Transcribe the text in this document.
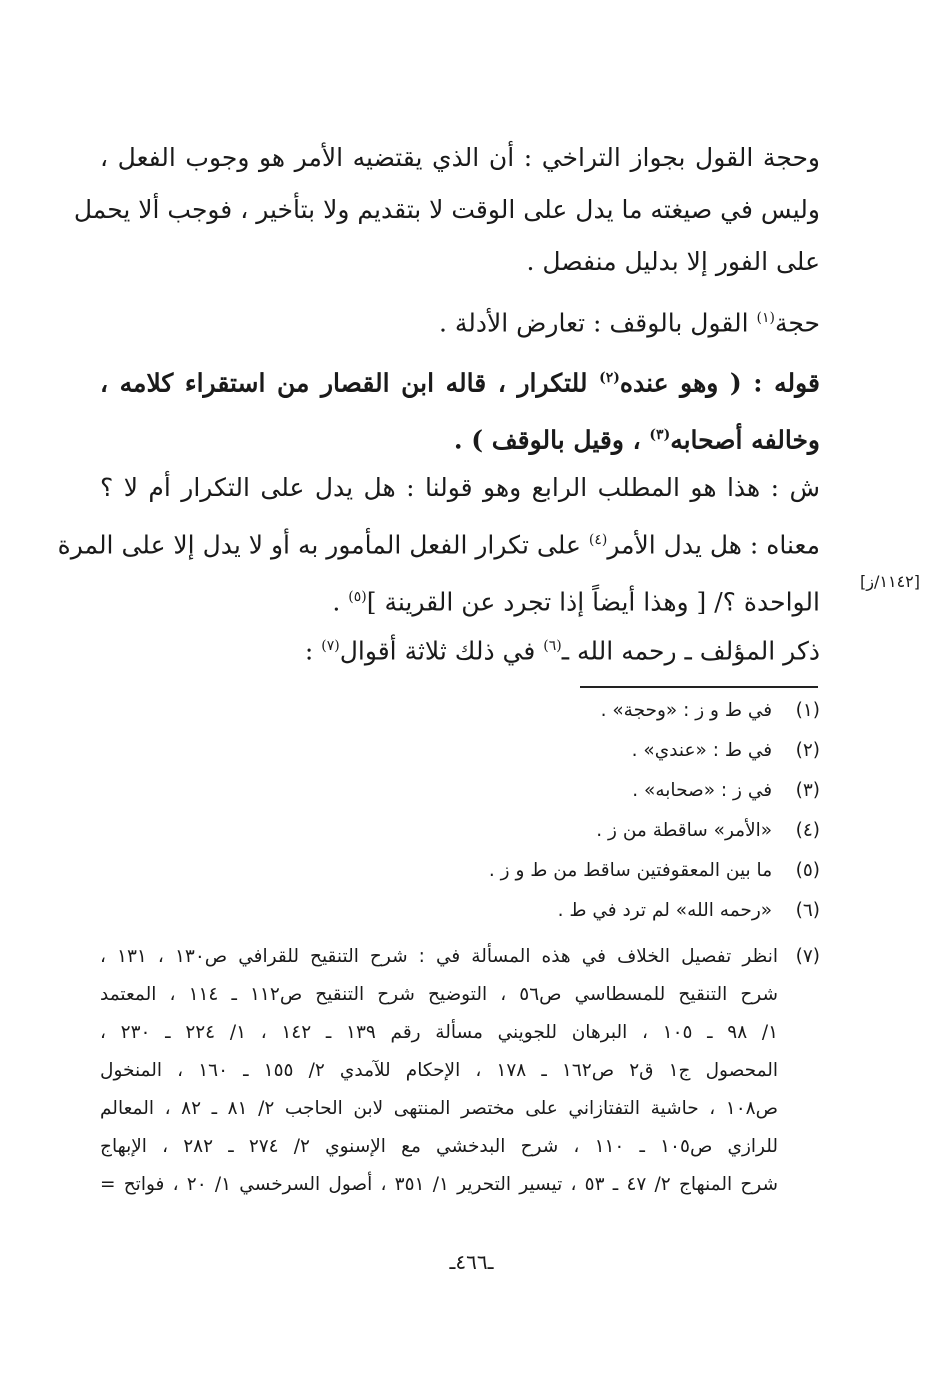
وحجة القول بجواز التراخي : أن الذي يقتضيه الأمر هو وجوب الفعل ،
وليس في صيغته ما يدل على الوقت لا بتقديم ولا بتأخير ، فوجب ألا يحمل
على الفور إلا بدليل منفصل .
حجة$^{(١)}$ القول بالوقف : تعارض الأدلة .
قوله : ( وهو عنده$^{(٢)}$ للتكرار ، قاله ابن القصار من استقراء كلامه ،
وخالفه أصحابه$^{(٣)}$ ، وقيل بالوقف ) .
ش : هذا هو المطلب الرابع وهو قولنا : هل يدل على التكرار أم لا ؟
معناه : هل يدل الأمر$^{(٤)}$ على تكرار الفعل المأمور به أو لا يدل إلا على المرة
الواحدة ؟/ [ وهذا أيضاً إذا تجرد عن القرينة ]$^{(٥)}$ .
[١١٤٢/ز]
ذكر المؤلف ـ رحمه الله ـ$^{(٦)}$ في ذلك ثلاثة أقوال$^{(٧)}$ :
(١) في ط و ز : «وحجة» .
(٢) في ط : «عندي» .
(٣) في ز : «صحابه» .
(٤) «الأمر» ساقطة من ز .
(٥) ما بين المعقوفتين ساقط من ط و ز .
(٦) «رحمه الله» لم ترد في ط .
(٧)
انظر تفصيل الخلاف في هذه المسألة في : شرح التنقيح للقرافي ص١٣٠ ، ١٣١ ،
شرح التنقيح للمسطاسي ص٥٦ ، التوضيح شرح التنقيح ص١١٢ ـ ١١٤ ، المعتمد
١/ ٩٨ ـ ١٠٥ ، البرهان للجويني مسألة رقم ١٣٩ ـ ١٤٢ ، ١/ ٢٢٤ ـ ٢٣٠ ،
المحصول ج١ ق٢ ص١٦٢ ـ ١٧٨ ، الإحكام للآمدي ٢/ ١٥٥ ـ ١٦٠ ، المنخول
ص١٠٨ ، حاشية التفتازاني على مختصر المنتهى لابن الحاجب ٢/ ٨١ ـ ٨٢ ، المعالم
للرازي ص١٠٥ ـ ١١٠ ، شرح البدخشي مع الإسنوي ٢/ ٢٧٤ ـ ٢٨٢ ، الإبهاج
شرح المنهاج ٢/ ٤٧ ـ ٥٣ ، تيسير التحرير ١/ ٣٥١ ، أصول السرخسي ١/ ٢٠ ، فواتح =
ـ٤٦٦ـ
